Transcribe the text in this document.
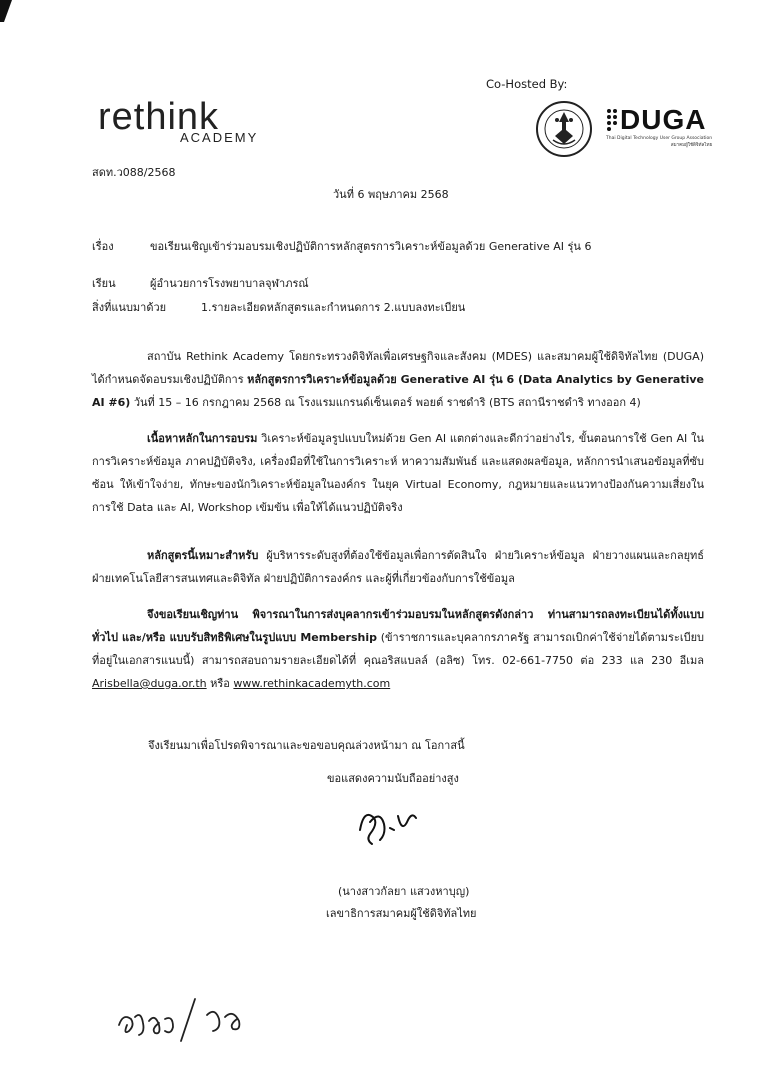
Co-Hosted By:
rethink
ACADEMY
DUGA
Thai Digital Technology User Group Association
สมาคมผู้ใช้ดิจิทัลไทย
สดท.ว088/2568
วันที่ 6 พฤษภาคม 2568
เรื่อง	ขอเรียนเชิญเข้าร่วมอบรมเชิงปฏิบัติการหลักสูตรการวิเคราะห์ข้อมูลด้วย Generative AI รุ่น 6
เรียน	ผู้อำนวยการโรงพยาบาลจุฬาภรณ์
สิ่งที่แนบมาด้วย	1.รายละเอียดหลักสูตรและกำหนดการ 2.แบบลงทะเบียน
สถาบัน Rethink Academy โดยกระทรวงดิจิทัลเพื่อเศรษฐกิจและสังคม (MDES) และสมาคมผู้ใช้ดิจิทัลไทย (DUGA) ได้กำหนดจัดอบรมเชิงปฏิบัติการ หลักสูตรการวิเคราะห์ข้อมูลด้วย Generative AI รุ่น 6 (Data Analytics by Generative AI #6) วันที่ 15 – 16 กรกฎาคม 2568 ณ โรงแรมแกรนด์เซ็นเตอร์ พอยต์ ราชดำริ (BTS สถานีราชดำริ ทางออก 4)
เนื้อหาหลักในการอบรม วิเคราะห์ข้อมูลรูปแบบใหม่ด้วย Gen AI แตกต่างและดีกว่าอย่างไร, ขั้นตอนการใช้ Gen AI ในการวิเคราะห์ข้อมูล ภาคปฏิบัติจริง, เครื่องมือที่ใช้ในการวิเคราะห์ หาความสัมพันธ์ และแสดงผลข้อมูล, หลักการนำเสนอข้อมูลที่ซับซ้อน ให้เข้าใจง่าย, ทักษะของนักวิเคราะห์ข้อมูลในองค์กร ในยุค Virtual Economy, กฎหมายและแนวทางป้องกันความเสี่ยงในการใช้ Data และ AI, Workshop เข้มข้น เพื่อให้ได้แนวปฏิบัติจริง
หลักสูตรนี้เหมาะสำหรับ ผู้บริหารระดับสูงที่ต้องใช้ข้อมูลเพื่อการตัดสินใจ ฝ่ายวิเคราะห์ข้อมูล ฝ่ายวางแผนและกลยุทธ์ ฝ่ายเทคโนโลยีสารสนเทศและดิจิทัล ฝ่ายปฏิบัติการองค์กร และผู้ที่เกี่ยวข้องกับการใช้ข้อมูล
จึงขอเรียนเชิญท่าน พิจารณาในการส่งบุคลากรเข้าร่วมอบรมในหลักสูตรดังกล่าว ท่านสามารถลงทะเบียนได้ทั้งแบบทั่วไป และ/หรือ แบบรับสิทธิพิเศษในรูปแบบ Membership (ข้าราชการและบุคลากรภาครัฐ สามารถเบิกค่าใช้จ่ายได้ตามระเบียบที่อยู่ในเอกสารแนบนี้) สามารถสอบถามรายละเอียดได้ที่ คุณอริสแบลล์ (อลิซ) โทร. 02-661-7750 ต่อ 233 แล 230 อีเมล Arisbella@duga.or.th หรือ www.rethinkacademyth.com
จึงเรียนมาเพื่อโปรดพิจารณาและขอขอบคุณล่วงหน้ามา ณ โอกาสนี้
ขอแสดงความนับถืออย่างสูง
(นางสาวกัลยา แสวงหาบุญ)
เลขาธิการสมาคมผู้ใช้ดิจิทัลไทย
